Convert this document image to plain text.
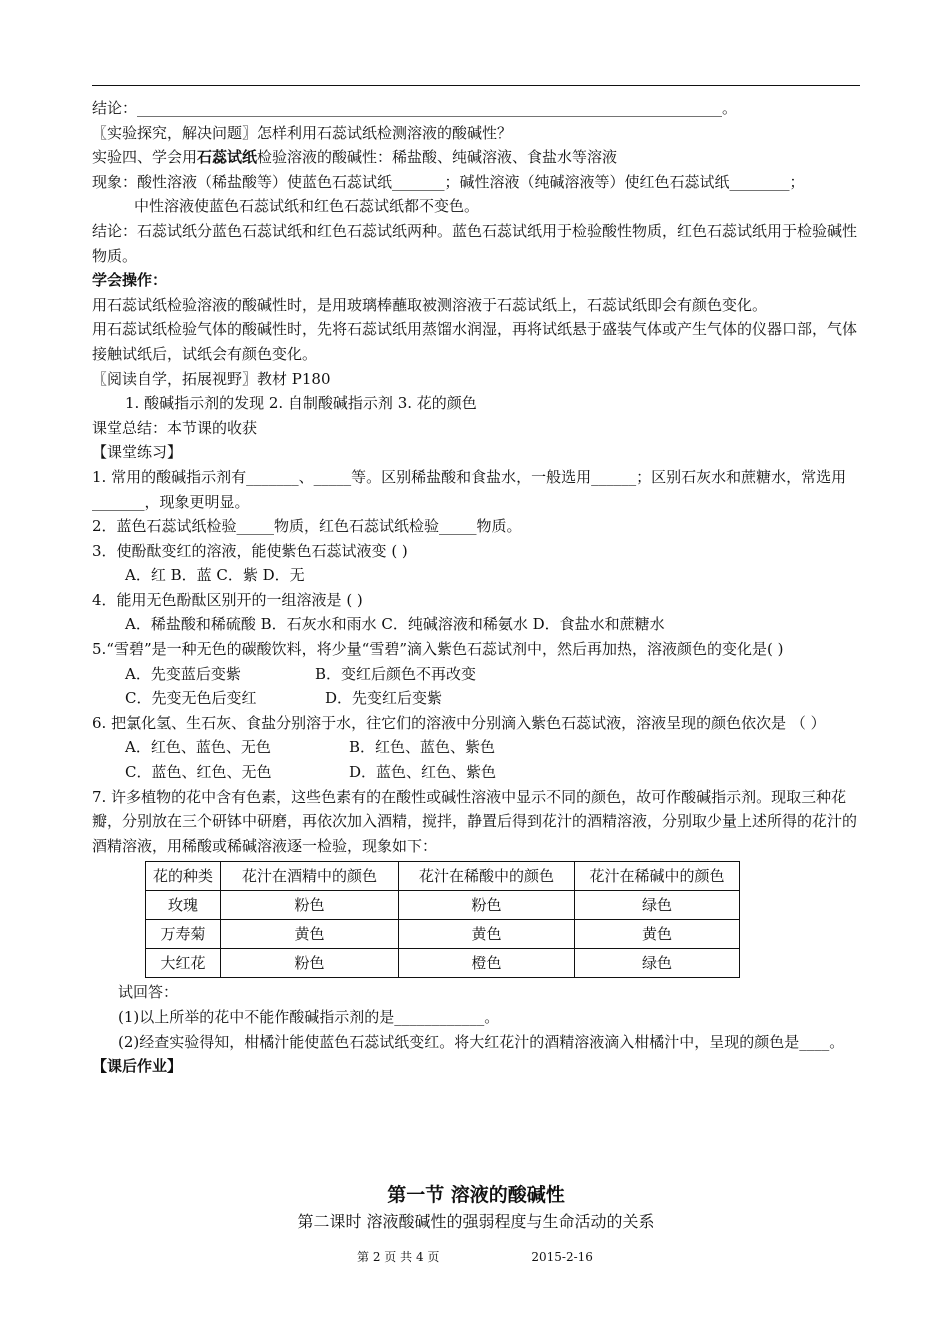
结论：______________________________________________________________________________。
〖实验探究，解决问题〗怎样利用石蕊试纸检测溶液的酸碱性？
实验四、学会用石蕊试纸检验溶液的酸碱性：稀盐酸、纯碱溶液、食盐水等溶液
现象：酸性溶液（稀盐酸等）使蓝色石蕊试纸_______；碱性溶液（纯碱溶液等）使红色石蕊试纸________；
中性溶液使蓝色石蕊试纸和红色石蕊试纸都不变色。
结论：石蕊试纸分蓝色石蕊试纸和红色石蕊试纸两种。蓝色石蕊试纸用于检验酸性物质，红色石蕊试纸用于检验碱性物质。
学会操作：
用石蕊试纸检验溶液的酸碱性时，是用玻璃棒蘸取被测溶液于石蕊试纸上，石蕊试纸即会有颜色变化。
用石蕊试纸检验气体的酸碱性时，先将石蕊试纸用蒸馏水润湿，再将试纸悬于盛装气体或产生气体的仪器口部，气体接触试纸后，试纸会有颜色变化。
〖阅读自学，拓展视野〗教材 P180
1. 酸碱指示剂的发现 2. 自制酸碱指示剂 3. 花的颜色
课堂总结：本节课的收获
【课堂练习】
1. 常用的酸碱指示剂有_______、_____等。区别稀盐酸和食盐水，一般选用______；区别石灰水和蔗糖水，常选用_______，现象更明显。
2．蓝色石蕊试纸检验_____物质，红色石蕊试纸检验_____物质。
3．使酚酞变红的溶液，能使紫色石蕊试液变 ( )
A．红 B．蓝 C．紫 D．无
4．能用无色酚酞区别开的一组溶液是 ( )
A．稀盐酸和稀硫酸 B．石灰水和雨水 C．纯碱溶液和稀氨水 D．食盐水和蔗糖水
5.“雪碧”是一种无色的碳酸饮料，将少量“雪碧”滴入紫色石蕊试剂中，然后再加热，溶液颜色的变化是( )
A．先变蓝后变紫	B．变红后颜色不再改变
C．先变无色后变红	D．先变红后变紫
6. 把氯化氢、生石灰、食盐分别溶于水，往它们的溶液中分别滴入紫色石蕊试液，溶液呈现的颜色依次是 （ ）
A．红色、蓝色、无色	B．红色、蓝色、紫色
C．蓝色、红色、无色	D．蓝色、红色、紫色
7. 许多植物的花中含有色素，这些色素有的在酸性或碱性溶液中显示不同的颜色，故可作酸碱指示剂。现取三种花瓣，分别放在三个研钵中研磨，再依次加入酒精，搅拌，静置后得到花汁的酒精溶液，分别取少量上述所得的花汁的酒精溶液，用稀酸或稀碱溶液逐一检验，现象如下：
花的种类	花汁在酒精中的颜色	花汁在稀酸中的颜色	花汁在稀碱中的颜色
玫瑰	粉色	粉色	绿色
万寿菊	黄色	黄色	黄色
大红花	粉色	橙色	绿色
试回答：
(1)以上所举的花中不能作酸碱指示剂的是____________。
(2)经查实验得知，柑橘汁能使蓝色石蕊试纸变红。将大红花汁的酒精溶液滴入柑橘汁中，呈现的颜色是____。
【课后作业】
第一节 溶液的酸碱性
第二课时 溶液酸碱性的强弱程度与生命活动的关系
第 2 页 共 4 页	2015-2-16
